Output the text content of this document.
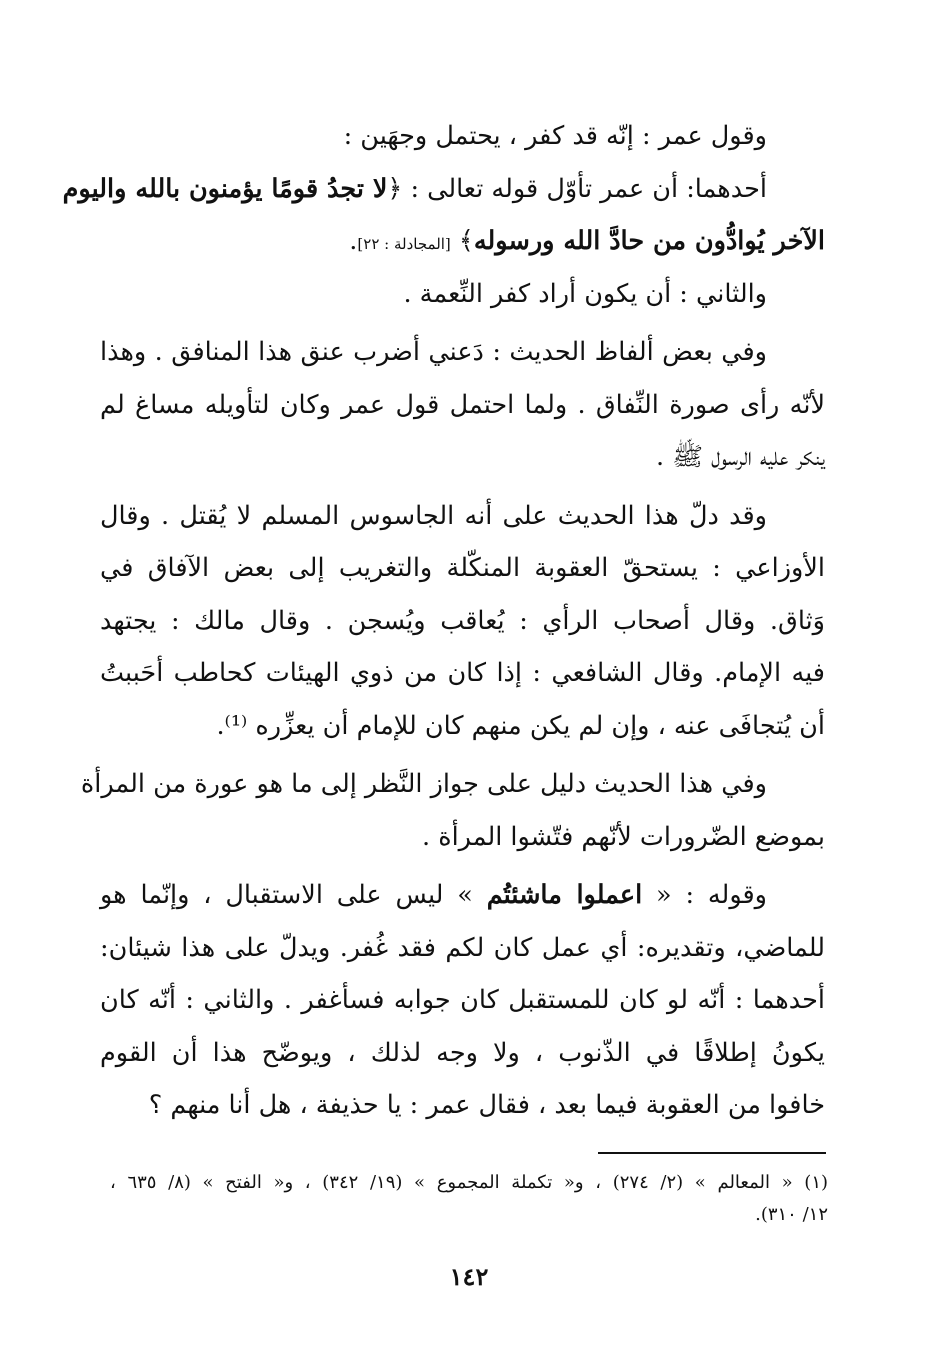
وقول عمر : إنّه قد كفر ، يحتمل وجهَين :
أحدهما: أن عمر تأوّل قوله تعالى : ﴿لا تجدُ قومًا يؤمنون بالله واليوم
الآخر يُوادُّون من حادَّ الله ورسوله﴾ [المجادلة : ٢٢].
والثاني : أن يكون أراد كفر النِّعمة .
وفي بعض ألفاظ الحديث : دَعني أضرب عنق هذا المنافق . وهذا
لأنّه رأى صورة النِّفاق . ولما احتمل قول عمر وكان لتأويله مساغ لم
ينكر عليه الرسول ﷺ .
وقد دلّ هذا الحديث على أنه الجاسوس المسلم لا يُقتل . وقال
الأوزاعي : يستحقّ العقوبة المنكّلة والتغريب إلى بعض الآفاق في
وَثاق. وقال أصحاب الرأي : يُعاقب ويُسجن . وقال مالك : يجتهد
فيه الإمام. وقال الشافعي : إذا كان من ذوي الهيئات كحاطب أحَببتُ
أن يُتجافَى عنه ، وإن لم يكن منهم كان للإمام أن يعزِّره ⁽¹⁾.
وفي هذا الحديث دليل على جواز النَّظر إلى ما هو عورة من المرأة
بموضع الضّرورات لأنّهم فتّشوا المرأة .
وقوله : « اعملوا ماشئتُم » ليس على الاستقبال ، وإنّما هو
للماضي، وتقديره: أي عمل كان لكم فقد غُفر. ويدلّ على هذا شيئان:
أحدهما : أنّه لو كان للمستقبل كان جوابه فسأغفر . والثاني : أنّه كان
يكونُ إطلاقًا في الذّنوب ، ولا وجه لذلك ، ويوضّح هذا أن القوم
خافوا من العقوبة فيما بعد ، فقال عمر : يا حذيفة ، هل أنا منهم ؟
(١) « المعالم » (٢/ ٢٧٤) ، و« تكملة المجموع » (١٩/ ٣٤٢) ، و« الفتح » (٨/ ٦٣٥ ،
١٢/ ٣١٠).
١٤٢
